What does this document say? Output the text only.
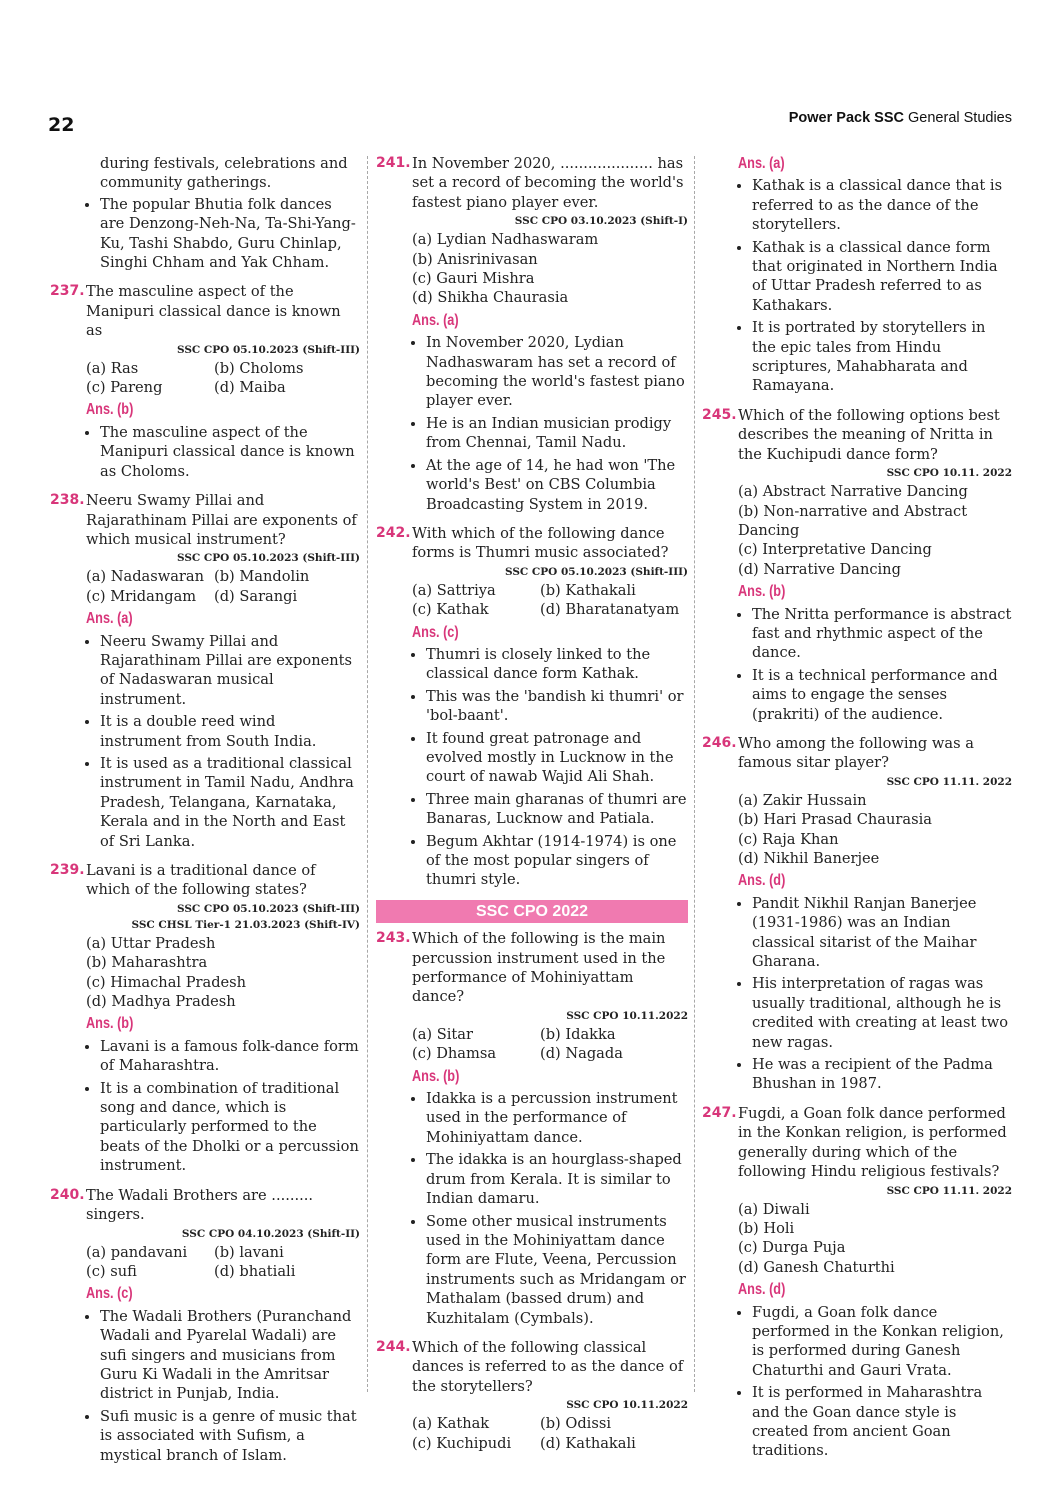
22	Power Pack SSC General Studies

during festivals, celebrations and community gatherings.

• The popular Bhutia folk dances are Denzong-Neh-Na, Ta-Shi-Yang-Ku, Tashi Shabdo, Guru Chinlap, Singhi Chham and Yak Chham.
237. The masculine aspect of the Manipuri classical dance is known as
SSC CPO 05.10.2023 (Shift-III)
(a) Ras	(b) Choloms
(c) Pareng	(d) Maiba
Ans. (b)
• The masculine aspect of the Manipuri classical dance is known as Choloms.
238. Neeru Swamy Pillai and Rajarathinam Pillai are exponents of which musical instrument?
SSC CPO 05.10.2023 (Shift-III)
(a) Nadaswaran (b) Mandolin
(c) Mridangam	(d) Sarangi
Ans. (a)
• Neeru Swamy Pillai and Rajarathinam Pillai are exponents of Nadaswaran musical instrument.
• It is a double reed wind instrument from South India.
• It is used as a traditional classical instrument in Tamil Nadu, Andhra Pradesh, Telangana, Karnataka, Kerala and in the North and East of Sri Lanka.
239. Lavani is a traditional dance of which of the following states?
SSC CPO 05.10.2023 (Shift-III)
SSC CHSL Tier-1 21.03.2023 (Shift-IV)
(a) Uttar Pradesh
(b) Maharashtra
(c) Himachal Pradesh
(d) Madhya Pradesh
Ans. (b)
• Lavani is a famous folk-dance form of Maharashtra.
• It is a combination of traditional song and dance, which is particularly performed to the beats of the Dholki or a percussion instrument.
240. The Wadali Brothers are ......... singers.
SSC CPO 04.10.2023 (Shift-II)
(a) pandavani	(b) lavani
(c) sufi	(d) bhatiali
Ans. (c)
• The Wadali Brothers (Puranchand Wadali and Pyarelal Wadali) are sufi singers and musicians from Guru Ki Wadali in the Amritsar district in Punjab, India.
• Sufi music is a genre of music that is associated with Sufism, a mystical branch of Islam.
241. In November 2020, .................... has set a record of becoming the world's fastest piano player ever.
SSC CPO 03.10.2023 (Shift-I)
(a) Lydian Nadhaswaram
(b) Anisrinivasan
(c) Gauri Mishra
(d) Shikha Chaurasia
Ans. (a)
• In November 2020, Lydian Nadhaswaram has set a record of becoming the world's fastest piano player ever.
• He is an Indian musician prodigy from Chennai, Tamil Nadu.
• At the age of 14, he had won 'The world's Best' on CBS Columbia Broadcasting System in 2019.
242. With which of the following dance forms is Thumri music associated?
SSC CPO 05.10.2023 (Shift-III)
(a) Sattriya	(b) Kathakali
(c) Kathak	(d) Bharatanatyam
Ans. (c)
• Thumri is closely linked to the classical dance form Kathak.
• This was the 'bandish ki thumri' or 'bol-baant'.
• It found great patronage and evolved mostly in Lucknow in the court of nawab Wajid Ali Shah.
• Three main gharanas of thumri are Banaras, Lucknow and Patiala.
• Begum Akhtar (1914-1974) is one of the most popular singers of thumri style.
SSC CPO 2022
243. Which of the following is the main percussion instrument used in the performance of Mohiniyattam dance?
SSC CPO 10.11.2022
(a) Sitar	(b) Idakka
(c) Dhamsa	(d) Nagada
Ans. (b)
• Idakka is a percussion instrument used in the performance of Mohiniyattam dance.
• The idakka is an hourglass-shaped drum from Kerala. It is similar to Indian damaru.
• Some other musical instruments used in the Mohiniyattam dance form are Flute, Veena, Percussion instruments such as Mridangam or Mathalam (bassed drum) and Kuzhitalam (Cymbals).
244. Which of the following classical dances is referred to as the dance of the storytellers?
SSC CPO 10.11.2022
(a) Kathak	(b) Odissi
(c) Kuchipudi	(d) Kathakali
Ans. (a)
• Kathak is a classical dance that is referred to as the dance of the storytellers.
• Kathak is a classical dance form that originated in Northern India of Uttar Pradesh referred to as Kathakars.
• It is portrated by storytellers in the epic tales from Hindu scriptures, Mahabharata and Ramayana.
245. Which of the following options best describes the meaning of Nritta in the Kuchipudi dance form?
SSC CPO 10.11. 2022
(a) Abstract Narrative Dancing
(b) Non-narrative and Abstract Dancing
(c) Interpretative Dancing
(d) Narrative Dancing
Ans. (b)
• The Nritta performance is abstract fast and rhythmic aspect of the dance.
• It is a technical performance and aims to engage the senses (prakriti) of the audience.
246. Who among the following was a famous sitar player?
SSC CPO 11.11. 2022
(a) Zakir Hussain
(b) Hari Prasad Chaurasia
(c) Raja Khan
(d) Nikhil Banerjee
Ans. (d)
• Pandit Nikhil Ranjan Banerjee (1931-1986) was an Indian classical sitarist of the Maihar Gharana.
• His interpretation of ragas was usually traditional, although he is credited with creating at least two new ragas.
• He was a recipient of the Padma Bhushan in 1987.
247. Fugdi, a Goan folk dance performed in the Konkan religion, is performed generally during which of the following Hindu religious festivals?
SSC CPO 11.11. 2022
(a) Diwali
(b) Holi
(c) Durga Puja
(d) Ganesh Chaturthi
Ans. (d)
• Fugdi, a Goan folk dance performed in the Konkan religion, is performed during Ganesh Chaturthi and Gauri Vrata.
• It is performed in Maharashtra and the Goan dance style is created from ancient Goan traditions.
